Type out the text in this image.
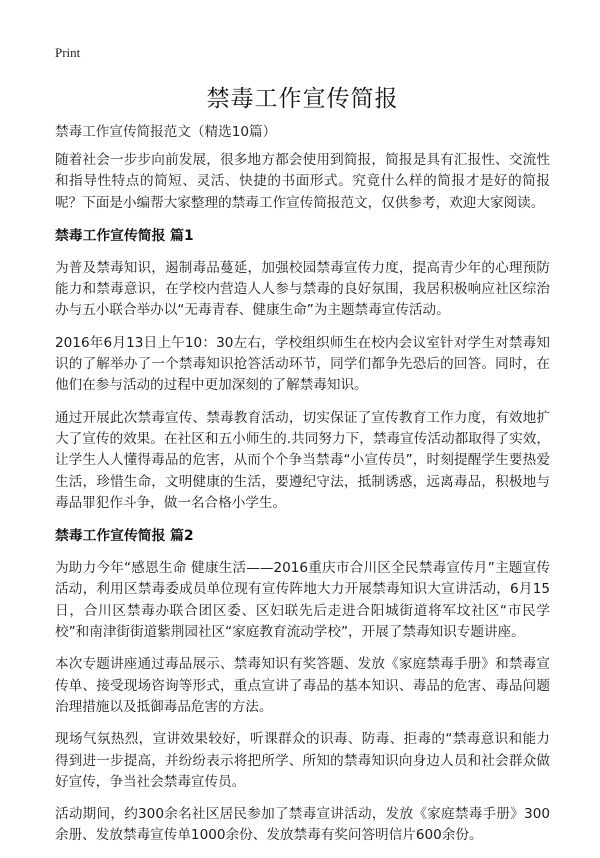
Print
禁毒工作宣传简报
禁毒工作宣传简报范文（精选10篇）

随着社会一步步向前发展，很多地方都会使用到简报，简报是具有汇报性、交流性和指导性特点的简短、灵活、快捷的书面形式。究竟什么样的简报才是好的简报呢？下面是小编帮大家整理的禁毒工作宣传简报范文，仅供参考，欢迎大家阅读。

禁毒工作宣传简报 篇1

为普及禁毒知识，遏制毒品蔓延，加强校园禁毒宣传力度，提高青少年的心理预防能力和禁毒意识，在学校内营造人人参与禁毒的良好氛围，我居积极响应社区综治办与五小联合举办以“无毒青春、健康生命”为主题禁毒宣传活动。

2016年6月13日上午10：30左右，学校组织师生在校内会议室针对学生对禁毒知识的了解举办了一个禁毒知识抢答活动环节，同学们都争先恐后的回答。同时，在他们在参与活动的过程中更加深刻的了解禁毒知识。

通过开展此次禁毒宣传、禁毒教育活动，切实保证了宣传教育工作力度，有效地扩大了宣传的效果。在社区和五小师生的.共同努力下，禁毒宣传活动都取得了实效，让学生人人懂得毒品的危害，从而个个争当禁毒“小宣传员”，时刻提醒学生要热爱生活，珍惜生命，文明健康的生活，要遵纪守法，抵制诱惑，远离毒品，积极地与毒品罪犯作斗争，做一名合格小学生。

禁毒工作宣传简报 篇2

为助力今年“感恩生命 健康生活——2016重庆市合川区全民禁毒宣传月”主题宣传活动，利用区禁毒委成员单位现有宣传阵地大力开展禁毒知识大宣讲活动，6月15日，合川区禁毒办联合团区委、区妇联先后走进合阳城街道将军坟社区“市民学校”和南津街街道紫荆园社区“家庭教育流动学校”，开展了禁毒知识专题讲座。

本次专题讲座通过毒品展示、禁毒知识有奖答题、发放《家庭禁毒手册》和禁毒宣传单、接受现场咨询等形式，重点宣讲了毒品的基本知识、毒品的危害、毒品问题治理措施以及抵御毒品危害的方法。

现场气氛热烈，宣讲效果较好，听课群众的识毒、防毒、拒毒的“禁毒意识和能力得到进一步提高，并纷纷表示将把所学、所知的禁毒知识向身边人员和社会群众做好宣传，争当社会禁毒宣传员。

活动期间，约300余名社区居民参加了禁毒宣讲活动，发放《家庭禁毒手册》300余册、发放禁毒宣传单1000余份、发放禁毒有奖问答明信片600余份。
